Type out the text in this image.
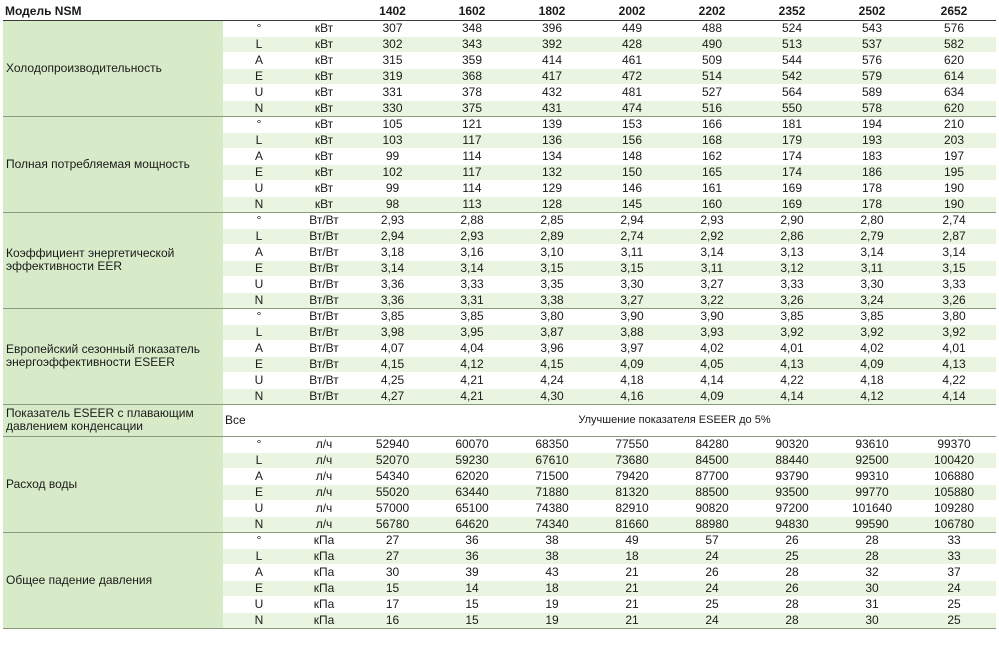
Модель NSM			1402	1602	1802	2002	2202	2352	2502	2652
Холодопроизводительность	°	кВт	307	348	396	449	488	524	543	576
	L	кВт	302	343	392	428	490	513	537	582
	A	кВт	315	359	414	461	509	544	576	620
	E	кВт	319	368	417	472	514	542	579	614
	U	кВт	331	378	432	481	527	564	589	634
	N	кВт	330	375	431	474	516	550	578	620
Полная потребляемая мощность	°	кВт	105	121	139	153	166	181	194	210
	L	кВт	103	117	136	156	168	179	193	203
	A	кВт	99	114	134	148	162	174	183	197
	E	кВт	102	117	132	150	165	174	186	195
	U	кВт	99	114	129	146	161	169	178	190
	N	кВт	98	113	128	145	160	169	178	190
Коэффициент энергетической эффективности EER	°	Вт/Вт	2,93	2,88	2,85	2,94	2,93	2,90	2,80	2,74
	L	Вт/Вт	2,94	2,93	2,89	2,74	2,92	2,86	2,79	2,87
	A	Вт/Вт	3,18	3,16	3,10	3,11	3,14	3,13	3,14	3,14
	E	Вт/Вт	3,14	3,14	3,15	3,15	3,11	3,12	3,11	3,15
	U	Вт/Вт	3,36	3,33	3,35	3,30	3,27	3,33	3,30	3,33
	N	Вт/Вт	3,36	3,31	3,38	3,27	3,22	3,26	3,24	3,26
Европейский сезонный показатель энергоэффективности ESEER	°	Вт/Вт	3,85	3,85	3,80	3,90	3,90	3,85	3,85	3,80
	L	Вт/Вт	3,98	3,95	3,87	3,88	3,93	3,92	3,92	3,92
	A	Вт/Вт	4,07	4,04	3,96	3,97	4,02	4,01	4,02	4,01
	E	Вт/Вт	4,15	4,12	4,15	4,09	4,05	4,13	4,09	4,13
	U	Вт/Вт	4,25	4,21	4,24	4,18	4,14	4,22	4,18	4,22
	N	Вт/Вт	4,27	4,21	4,30	4,16	4,09	4,14	4,12	4,14
Показатель ESEER с плавающим давлением конденсации	Все		Улучшение показателя ESEER до 5%							
Расход воды	°	л/ч	52940	60070	68350	77550	84280	90320	93610	99370
	L	л/ч	52070	59230	67610	73680	84500	88440	92500	100420
	A	л/ч	54340	62020	71500	79420	87700	93790	99310	106880
	E	л/ч	55020	63440	71880	81320	88500	93500	99770	105880
	U	л/ч	57000	65100	74380	82910	90820	97200	101640	109280
	N	л/ч	56780	64620	74340	81660	88980	94830	99590	106780
Общее падение давления	°	кПа	27	36	38	49	57	26	28	33
	L	кПа	27	36	38	18	24	25	28	33
	A	кПа	30	39	43	21	26	28	32	37
	E	кПа	15	14	18	21	24	26	30	24
	U	кПа	17	15	19	21	25	28	31	25
	N	кПа	16	15	19	21	24	28	30	25
